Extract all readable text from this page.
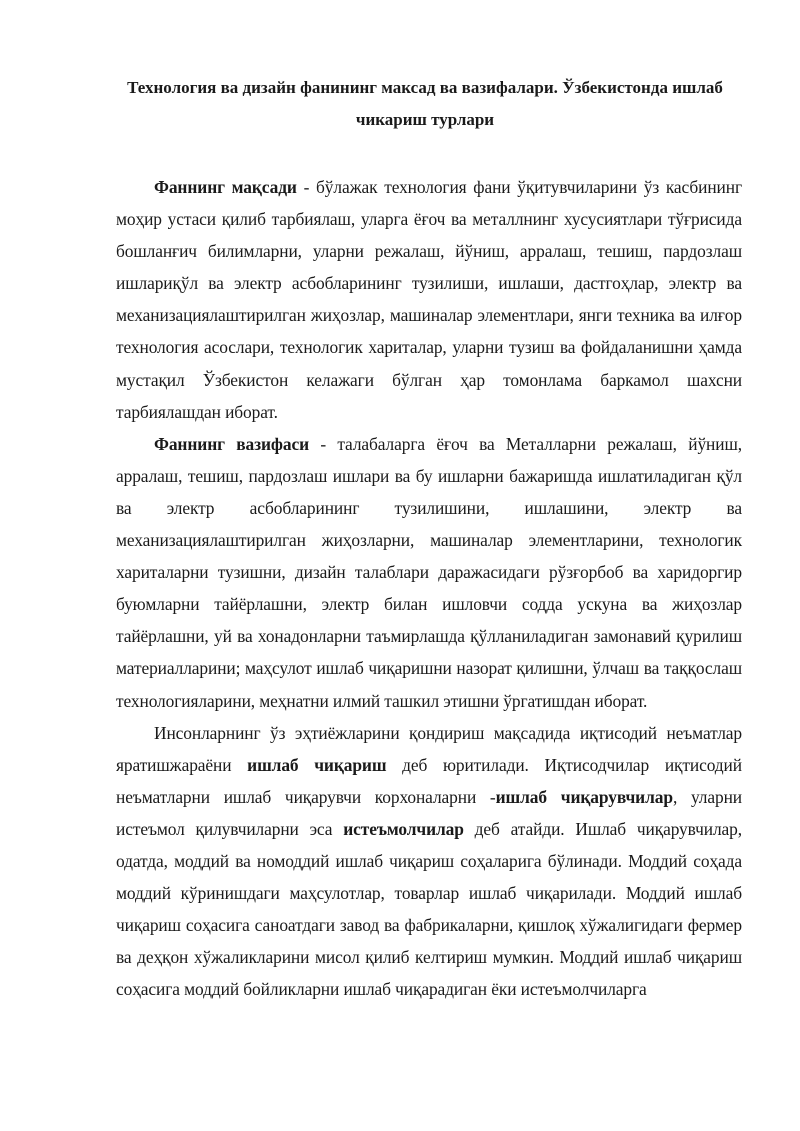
Технология ва дизайн фанининг максад ва вазифалари. Ўзбекистонда ишлаб чикариш турлари

Фаннинг мақсади - бўлажак технология фани ўқитувчиларини ўз касбининг моҳир устаси қилиб тарбиялаш, уларга ёғоч ва металлнинг хусусиятлари тўғрисида бошланғич билимларни, уларни режалаш, йўниш, арралаш, тешиш, пардозлаш ишлариқўл ва электр асбобларининг тузилиши, ишлаши, дастгоҳлар, электр ва механизациялаштирилган жиҳозлар, машиналар элементлари, янги техника ва илғор технология асослари, технологик хариталар, уларни тузиш ва фойдаланишни ҳамда мустақил Ўзбекистон келажаги бўлган ҳар томонлама баркамол шахсни тарбиялашдан иборат.

Фаннинг вазифаси - талабаларга ёғоч ва Металларни режалаш, йўниш, арралаш, тешиш, пардозлаш ишлари ва бу ишларни бажаришда ишлатиладиган қўл ва электр асбобларининг тузилишини, ишлашини, электр ва механизациялаштирилган жиҳозларни, машиналар элементларини, технологик хариталарни тузишни, дизайн талаблари даражасидаги рўзғорбоб ва харидоргир буюмларни тайёрлашни, электр билан ишловчи содда ускуна ва жиҳозлар тайёрлашни, уй ва хонадонларни таъмирлашда қўлланиладиган замонавий қурилиш материалларини; маҳсулот ишлаб чиқаришни назорат қилишни, ўлчаш ва таққослаш технологияларини, меҳнатни илмий ташкил этишни ўргатишдан иборат.

Инсонларнинг ўз эҳтиёжларини қондириш мақсадида иқтисодий неъматлар яратишжараёни ишлаб чиқариш деб юритилади. Иқтисодчилар иқтисодий неъматларни ишлаб чиқарувчи корхоналарни -ишлаб чиқарувчилар, уларни истеъмол қилувчиларни эса истеъмолчилар деб атайди. Ишлаб чиқарувчилар, одатда, моддий ва номоддий ишлаб чиқариш соҳаларига бўлинади. Моддий соҳада моддий кўринишдаги маҳсулотлар, товарлар ишлаб чиқарилади. Моддий ишлаб чиқариш соҳасига саноатдаги завод ва фабрикаларни, қишлоқ хўжалигидаги фермер ва деҳқон хўжаликларини мисол қилиб келтириш мумкин. Моддий ишлаб чиқариш соҳасига моддий бойликларни ишлаб чиқарадиган ёки истеъмолчиларга
